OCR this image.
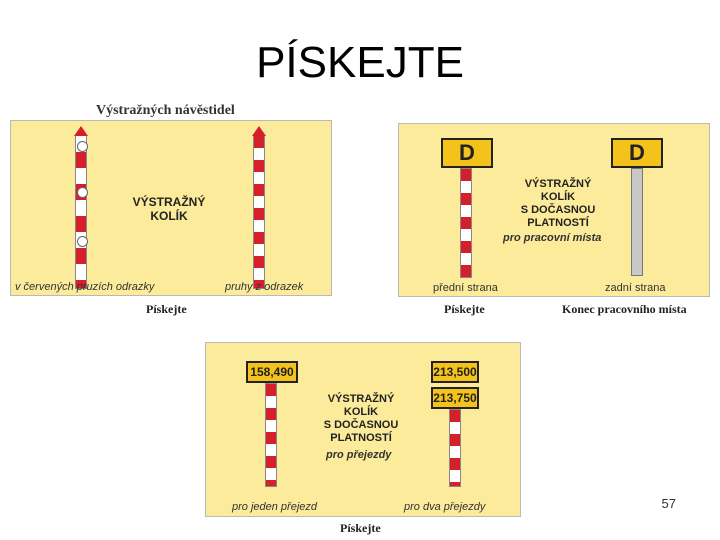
PÍSKEJTE
Výstražných návěstidel
VÝSTRAŽNÝ
KOLÍK
v červených pruzích odrazky	pruhy z odrazek
Pískejte
D	D
VÝSTRAŽNÝ
KOLÍK
S DOČASNOU
PLATNOSTÍ
pro pracovní místa
přední strana	zadní strana
Pískejte	Konec pracovního místa
158,490	213,500
213,750
VÝSTRAŽNÝ
KOLÍK
S DOČASNOU
PLATNOSTÍ
pro přejezdy
pro jeden přejezd	pro dva přejezdy
Pískejte
57
